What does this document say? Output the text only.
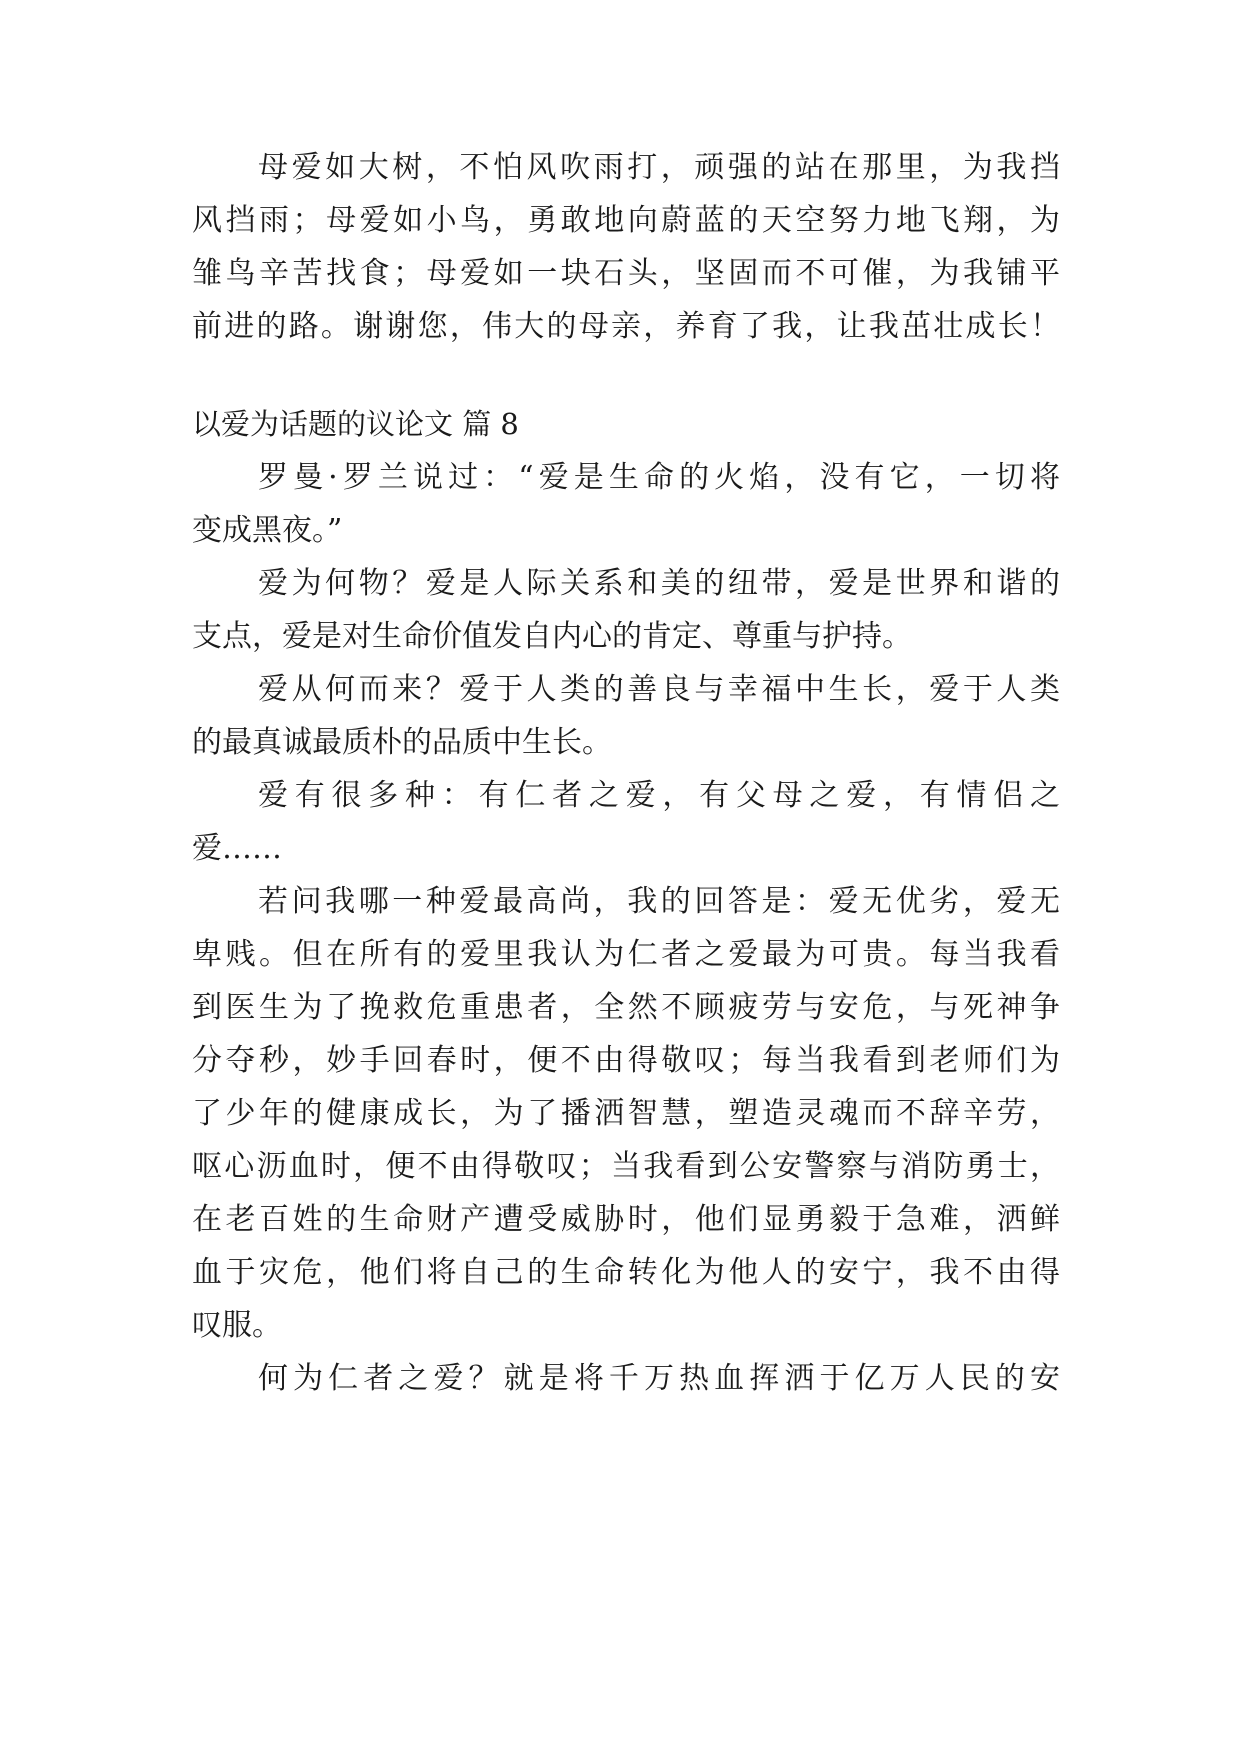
母爱如大树，不怕风吹雨打，顽强的站在那里，为我挡
风挡雨；母爱如小鸟，勇敢地向蔚蓝的天空努力地飞翔，为
雏鸟辛苦找食；母爱如一块石头，坚固而不可催，为我铺平
前进的路。谢谢您，伟大的母亲，养育了我，让我茁壮成长！
以爱为话题的议论文 篇 8
罗曼·罗兰说过：“爱是生命的火焰，没有它，一切将
变成黑夜。”
爱为何物？爱是人际关系和美的纽带，爱是世界和谐的
支点，爱是对生命价值发自内心的肯定、尊重与护持。
爱从何而来？爱于人类的善良与幸福中生长，爱于人类
的最真诚最质朴的品质中生长。
爱有很多种：有仁者之爱，有父母之爱，有情侣之
爱……
若问我哪一种爱最高尚，我的回答是：爱无优劣，爱无
卑贱。但在所有的爱里我认为仁者之爱最为可贵。每当我看
到医生为了挽救危重患者，全然不顾疲劳与安危，与死神争
分夺秒，妙手回春时，便不由得敬叹；每当我看到老师们为
了少年的健康成长，为了播洒智慧，塑造灵魂而不辞辛劳，
呕心沥血时，便不由得敬叹；当我看到公安警察与消防勇士，
在老百姓的生命财产遭受威胁时，他们显勇毅于急难，洒鲜
血于灾危，他们将自己的生命转化为他人的安宁，我不由得
叹服。
何为仁者之爱？就是将千万热血挥洒于亿万人民的安
